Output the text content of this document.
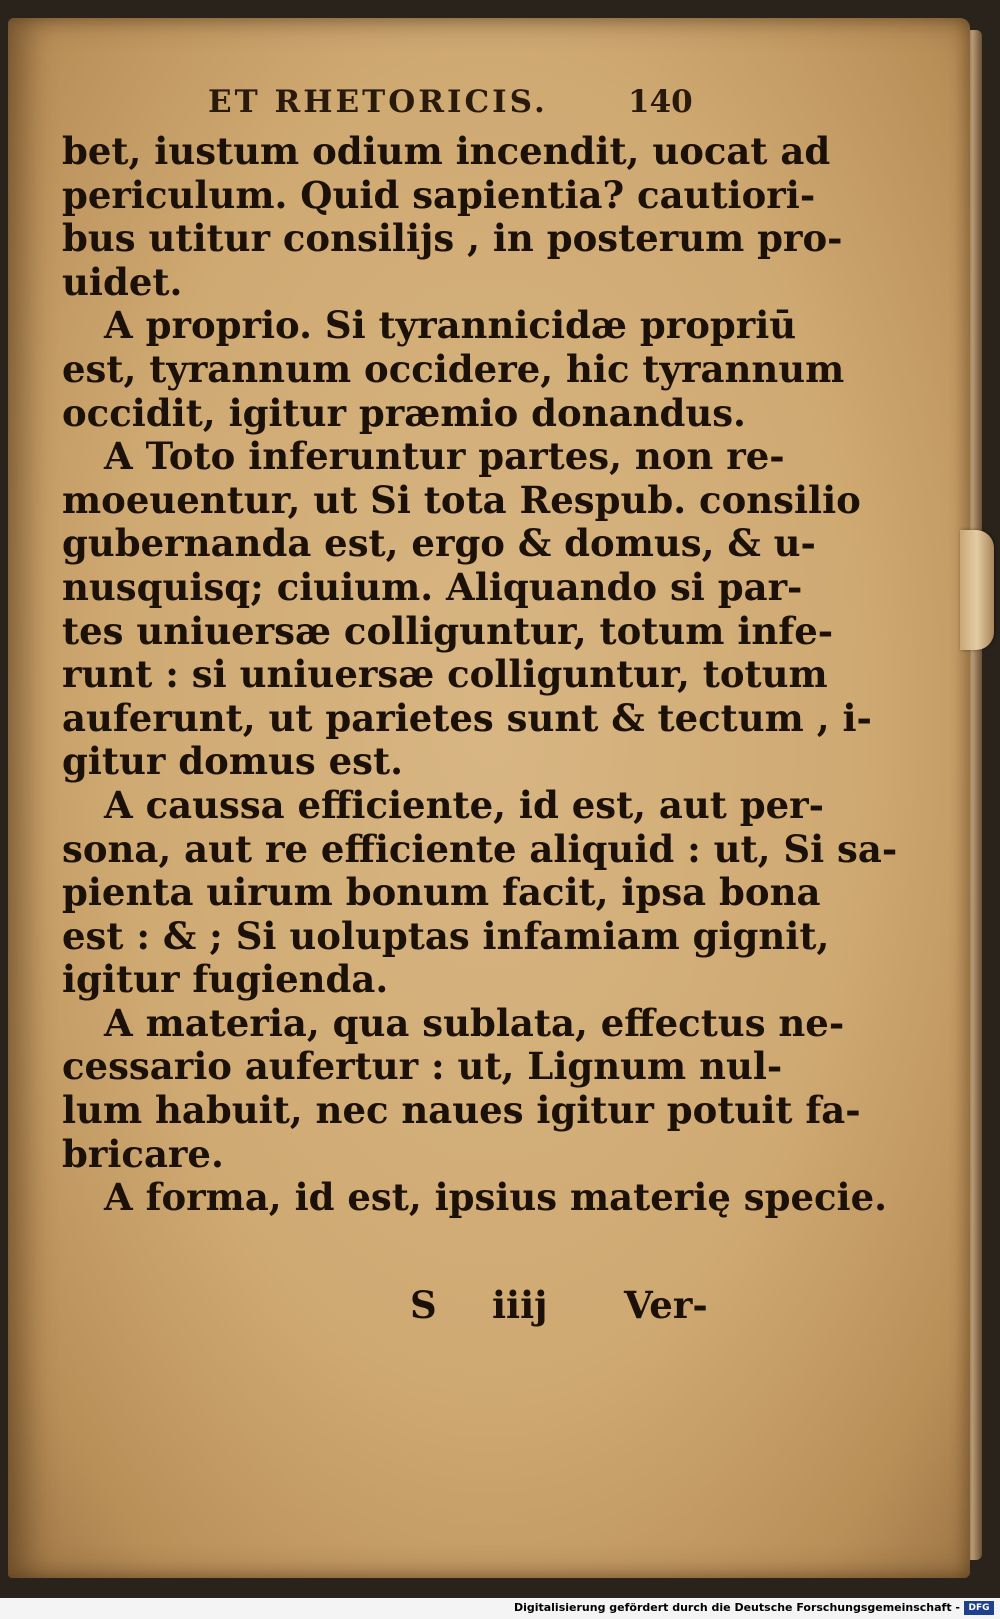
ET RHETORICIS.	140
bet, iustum odium incendit, uocat ad
periculum. Quid sapientia? cautiori-
bus utitur consilijs , in posterum pro-
uidet.
A proprio. Si tyrannicidæ propriū
est, tyrannum occidere, hic tyrannum
occidit, igitur præmio donandus.
A Toto inferuntur partes, non re-
moeuentur, ut Si tota Respub. consilio
gubernanda est, ergo & domus, & u-
nusquisq; ciuium. Aliquando si par-
tes uniuersæ colliguntur, totum infe-
runt : si uniuersæ colliguntur, totum
auferunt, ut parietes sunt & tectum , i-
gitur domus est.
A caussa efficiente, id est, aut per-
sona, aut re efficiente aliquid : ut, Si sa-
pienta uirum bonum facit, ipsa bona
est : & ; Si uoluptas infamiam gignit,
igitur fugienda.
A materia, qua sublata, effectus ne-
cessario aufertur : ut, Lignum nul-
lum habuit, nec naues igitur potuit fa-
bricare.
A forma, id est, ipsius materię specie.
S iiij Ver-
Digitalisierung gefördert durch die Deutsche Forschungsgemeinschaft - DFG
